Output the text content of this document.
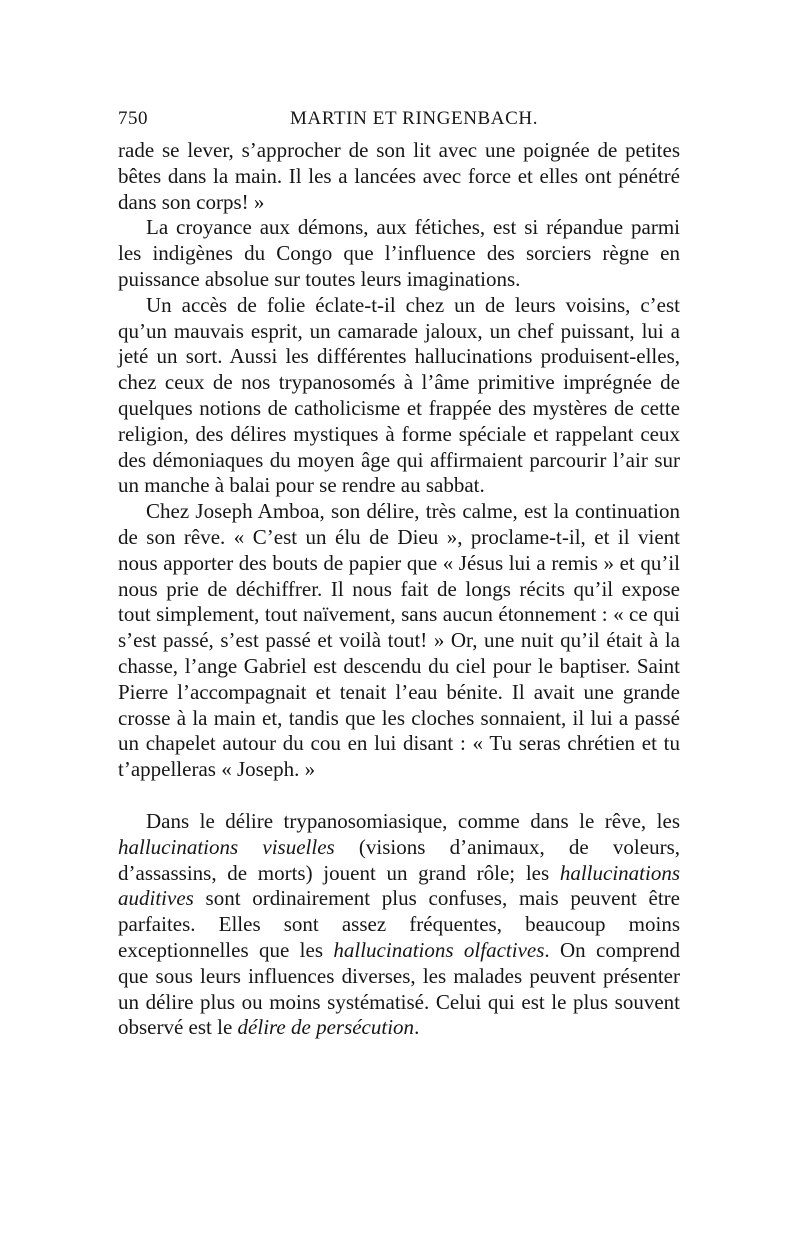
750	MARTIN ET RINGENBACH.

rade se lever, s’approcher de son lit avec une poignée de petites bêtes dans la main. Il les a lancées avec force et elles ont pénétré dans son corps! »

La croyance aux démons, aux fétiches, est si répandue parmi les indigènes du Congo que l’influence des sorciers règne en puissance absolue sur toutes leurs imaginations.

Un accès de folie éclate-t-il chez un de leurs voisins, c’est qu’un mauvais esprit, un camarade jaloux, un chef puissant, lui a jeté un sort. Aussi les différentes hallucinations produisent-elles, chez ceux de nos trypanosomés à l’âme primitive imprégnée de quelques notions de catholicisme et frappée des mystères de cette religion, des délires mystiques à forme spéciale et rappelant ceux des démoniaques du moyen âge qui affirmaient parcourir l’air sur un manche à balai pour se rendre au sabbat.

Chez Joseph Amboa, son délire, très calme, est la continuation de son rêve. « C’est un élu de Dieu », proclame-t-il, et il vient nous apporter des bouts de papier que « Jésus lui a remis » et qu’il nous prie de déchiffrer. Il nous fait de longs récits qu’il expose tout simplement, tout naïvement, sans aucun étonnement : « ce qui s’est passé, s’est passé et voilà tout! » Or, une nuit qu’il était à la chasse, l’ange Gabriel est descendu du ciel pour le baptiser. Saint Pierre l’accompagnait et tenait l’eau bénite. Il avait une grande crosse à la main et, tandis que les cloches sonnaient, il lui a passé un chapelet autour du cou en lui disant : « Tu seras chrétien et tu t’appelleras « Joseph. »

Dans le délire trypanosomiasique, comme dans le rêve, les hallucinations visuelles (visions d’animaux, de voleurs, d’assassins, de morts) jouent un grand rôle; les hallucinations auditives sont ordinairement plus confuses, mais peuvent être parfaites. Elles sont assez fréquentes, beaucoup moins exceptionnelles que les hallucinations olfactives. On comprend que sous leurs influences diverses, les malades peuvent présenter un délire plus ou moins systématisé. Celui qui est le plus souvent observé est le délire de persécution.
